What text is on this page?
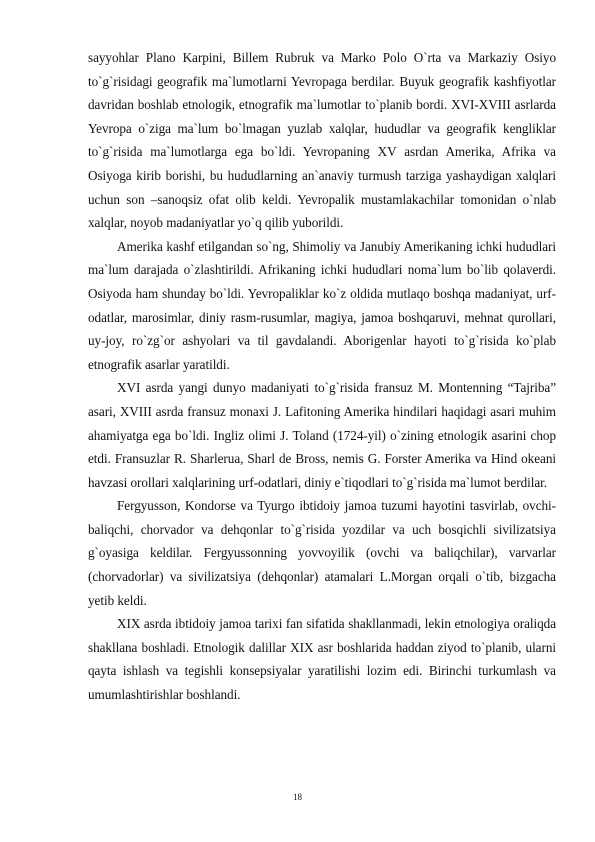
sayyohlar Plano Karpini, Billem Rubruk va Marko Polo O`rta va Markaziy Osiyo to`g`risidagi geografik ma`lumotlarni Yevropaga berdilar. Buyuk geografik kashfiyotlar davridan boshlab etnologik, etnografik ma`lumotlar to`planib bordi. XVI-XVIII asrlarda Yevropa o`ziga ma`lum bo`lmagan yuzlab xalqlar, hududlar va geografik kengliklar to`g`risida ma`lumotlarga ega bo`ldi. Yevropaning XV asrdan Amerika, Afrika va Osiyoga kirib borishi, bu hududlarning an`anaviy turmush tarziga yashaydigan xalqlari uchun son –sanoqsiz ofat olib keldi. Yevropalik mustamlakachilar tomonidan o`nlab xalqlar, noyob madaniyatlar yo`q qilib yuborildi.

Amerika kashf etilgandan so`ng, Shimoliy va Janubiy Amerikaning ichki hududlari ma`lum darajada o`zlashtirildi. Afrikaning ichki hududlari noma`lum bo`lib qolaverdi. Osiyoda ham shunday bo`ldi. Yevropaliklar ko`z oldida mutlaqo boshqa madaniyat, urf-odatlar, marosimlar, diniy rasm-rusumlar, magiya, jamoa boshqaruvi, mehnat qurollari, uy-joy, ro`zg`or ashyolari va til gavdalandi. Aborigenlar hayoti to`g`risida ko`plab etnografik asarlar yaratildi.

XVI asrda yangi dunyo madaniyati to`g`risida fransuz M. Montenning “Tajriba” asari, XVIII asrda fransuz monaxi J. Lafitoning Amerika hindilari haqidagi asari muhim ahamiyatga ega bo`ldi. Ingliz olimi J. Toland (1724-yil) o`zining etnologik asarini chop etdi. Fransuzlar R. Sharlerua, Sharl de Bross, nemis G. Forster Amerika va Hind okeani havzasi orollari xalqlarining urf-odatlari, diniy e`tiqodlari to`g`risida ma`lumot berdilar.

Fergyusson, Kondorse va Tyurgo ibtidoiy jamoa tuzumi hayotini tasvirlab, ovchi- baliqchi, chorvador va dehqonlar to`g`risida yozdilar va uch bosqichli sivilizatsiya g`oyasiga keldilar. Fergyussonning yovvoyilik (ovchi va baliqchilar), varvarlar (chorvadorlar) va sivilizatsiya (dehqonlar) atamalari L.Morgan orqali o`tib, bizgacha yetib keldi.

XIX asrda ibtidoiy jamoa tarixi fan sifatida shakllanmadi, lekin etnologiya oraliqda shakllana boshladi. Etnologik dalillar XIX asr boshlarida haddan ziyod to`planib, ularni qayta ishlash va tegishli konsepsiyalar yaratilishi lozim edi. Birinchi turkumlash va umumlashtirishlar boshlandi.

18
